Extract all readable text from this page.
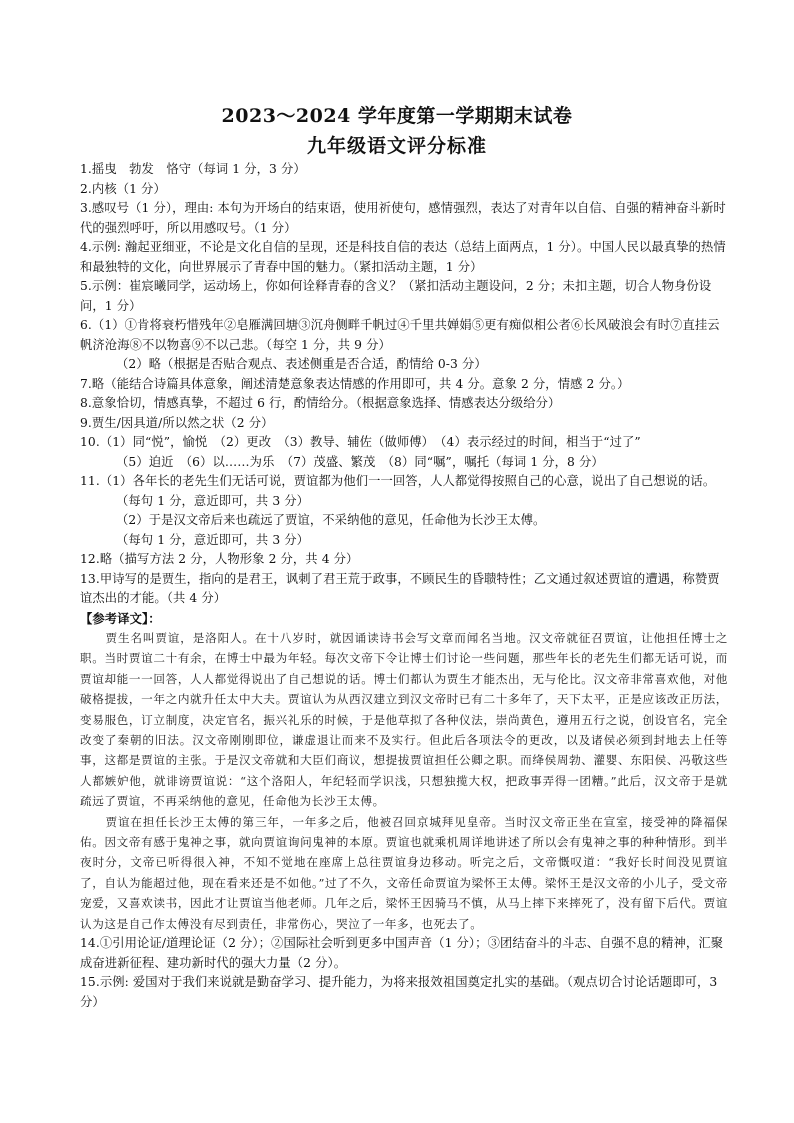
2023～2024 学年度第一学期期末试卷
九年级语文评分标准

1.摇曳　勃发　恪守（每词 1 分，3 分）

2.内核（1 分）

3.感叹号（1 分），理由: 本句为开场白的结束语，使用祈使句，感情强烈，表达了对青年以自信、自强的精神奋斗新时代的强烈呼吁，所以用感叹号。（1 分）

4.示例: 瀚起亚细亚，不论是文化自信的呈现，还是科技自信的表达（总结上面两点，1 分）。中国人民以最真挚的热情和最独特的文化，向世界展示了青春中国的魅力。（紧扣活动主题，1 分）

5.示例：崔宸曦同学，运动场上，你如何诠释青春的含义？（紧扣活动主题设问，2 分；未扣主题，切合人物身份设问，1 分）

6.（1）①肯将衰朽惜残年②皂雁满回塘③沉舟侧畔千帆过④千里共婵娟⑤更有痴似相公者⑥长风破浪会有时⑦直挂云帆济沧海⑧不以物喜⑨不以己悲。（每空 1 分，共 9 分）

（2）略（根据是否贴合观点、表述侧重是否合适，酌情给 0-3 分）

7.略（能结合诗篇具体意象，阐述清楚意象表达情感的作用即可，共 4 分。意象 2 分，情感 2 分。）

8.意象恰切，情感真挚，不超过 6 行，酌情给分。（根据意象选择、情感表达分级给分）

9.贾生/因具道/所以然之状（2 分）

10.（1）同“悦”，愉悦　（2）更改　（3）教导、辅佐（做师傅）　（4）表示经过的时间，相当于“过了”

（5）迫近　（6）以……为乐　（7）茂盛、繁茂　（8）同“嘱”，嘱托（每词 1 分，8 分）

11.（1）各年长的老先生们无话可说，贾谊都为他们一一回答，人人都觉得按照自己的心意，说出了自己想说的话。

（每句 1 分，意近即可，共 3 分）

（2）于是汉文帝后来也疏远了贾谊，不采纳他的意见，任命他为长沙王太傅。

（每句 1 分，意近即可，共 3 分）

12.略（描写方法 2 分，人物形象 2 分，共 4 分）

13.甲诗写的是贾生，指向的是君王，讽刺了君王荒于政事，不顾民生的昏聩特性；乙文通过叙述贾谊的遭遇，称赞贾谊杰出的才能。（共 4 分）

【参考译文】：

贾生名叫贾谊，是洛阳人。在十八岁时，就因诵读诗书会写文章而闻名当地。汉文帝就征召贾谊，让他担任博士之职。当时贾谊二十有余，在博士中最为年轻。每次文帝下令让博士们讨论一些问题，那些年长的老先生们都无话可说，而贾谊却能一一回答，人人都觉得说出了自己想说的话。博士们都认为贾生才能杰出，无与伦比。汉文帝非常喜欢他，对他破格提拔，一年之内就升任太中大夫。贾谊认为从西汉建立到汉文帝时已有二十多年了，天下太平，正是应该改正历法，变易服色，订立制度，决定官名，振兴礼乐的时候，于是他草拟了各种仪法，崇尚黄色，遵用五行之说，创设官名，完全改变了秦朝的旧法。汉文帝刚刚即位，谦虚退让而来不及实行。但此后各项法令的更改，以及诸侯必须到封地去上任等事，这都是贾谊的主张。于是汉文帝就和大臣们商议，想提拔贾谊担任公卿之职。而绛侯周勃、灌婴、东阳侯、冯敬这些人都嫉妒他，就诽谤贾谊说：“这个洛阳人，年纪轻而学识浅，只想独揽大权，把政事弄得一团糟。”此后，汉文帝于是就疏远了贾谊，不再采纳他的意见，任命他为长沙王太傅。

贾谊在担任长沙王太傅的第三年，一年多之后，他被召回京城拜见皇帝。当时汉文帝正坐在宣室，接受神的降福保佑。因文帝有感于鬼神之事，就向贾谊询问鬼神的本原。贾谊也就乘机周详地讲述了所以会有鬼神之事的种种情形。到半夜时分，文帝已听得很入神，不知不觉地在座席上总往贾谊身边移动。听完之后，文帝慨叹道：“我好长时间没见贾谊了，自认为能超过他，现在看来还是不如他。”过了不久，文帝任命贾谊为梁怀王太傅。梁怀王是汉文帝的小儿子，受文帝宠爱，又喜欢读书，因此才让贾谊当他老师。几年之后，梁怀王因骑马不慎，从马上摔下来摔死了，没有留下后代。贾谊认为这是自己作太傅没有尽到责任，非常伤心，哭泣了一年多，也死去了。

14.①引用论证/道理论证（2 分）；②国际社会听到更多中国声音（1 分）；③团结奋斗的斗志、自强不息的精神，汇聚成奋进新征程、建功新时代的强大力量（2 分）。

15.示例: 爱国对于我们来说就是勤奋学习、提升能力，为将来报效祖国奠定扎实的基础。（观点切合讨论话题即可，3 分）
